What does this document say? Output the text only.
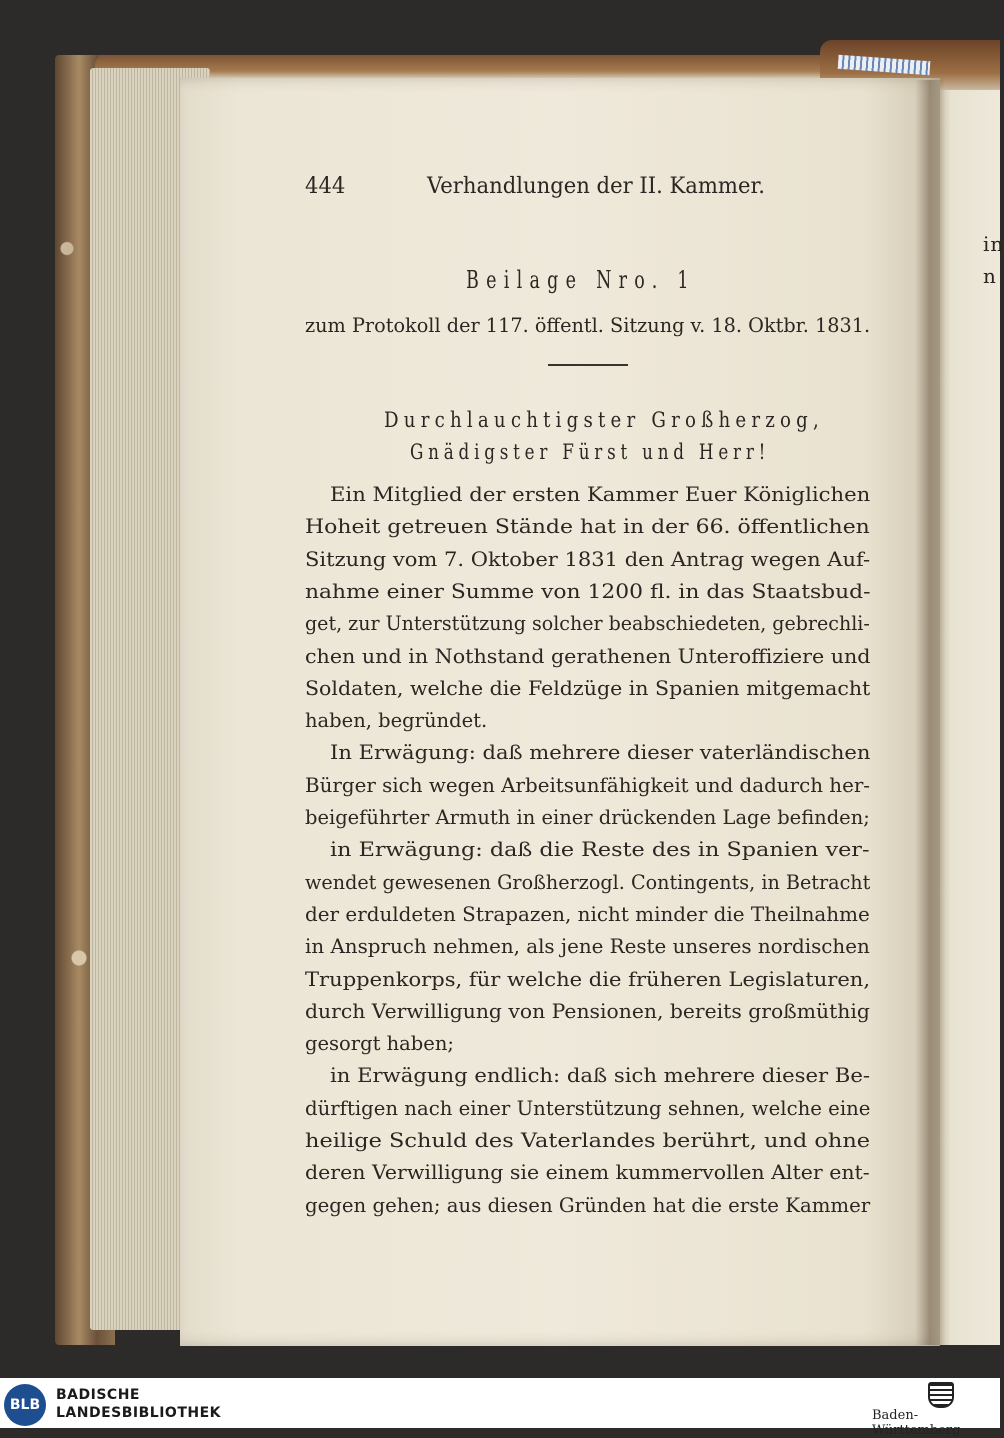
in
n
444	Verhandlungen der II. Kammer.
Beilage Nro. 1
zum Protokoll der 117. öffentl. Sitzung v. 18. Oktbr. 1831.
Durchlauchtigster Großherzog,
Gnädigster Fürst und Herr!
Ein Mitglied der ersten Kammer Euer Königlichen
Hoheit getreuen Stände hat in der 66. öffentlichen
Sitzung vom 7. Oktober 1831 den Antrag wegen Auf-
nahme einer Summe von 1200 fl. in das Staatsbud-
get, zur Unterstützung solcher beabschiedeten, gebrechli-
chen und in Nothstand gerathenen Unteroffiziere und
Soldaten, welche die Feldzüge in Spanien mitgemacht
haben, begründet.
In Erwägung: daß mehrere dieser vaterländischen
Bürger sich wegen Arbeitsunfähigkeit und dadurch her-
beigeführter Armuth in einer drückenden Lage befinden;
in Erwägung: daß die Reste des in Spanien ver-
wendet gewesenen Großherzogl. Contingents, in Betracht
der erduldeten Strapazen, nicht minder die Theilnahme
in Anspruch nehmen, als jene Reste unseres nordischen
Truppenkorps, für welche die früheren Legislaturen,
durch Verwilligung von Pensionen, bereits großmüthig
gesorgt haben;
in Erwägung endlich: daß sich mehrere dieser Be-
dürftigen nach einer Unterstützung sehnen, welche eine
heilige Schuld des Vaterlandes berührt, und ohne
deren Verwilligung sie einem kummervollen Alter ent-
gegen gehen; aus diesen Gründen hat die erste Kammer
BLB
BADISCHE
LANDESBIBLIOTHEK	Baden-Württemberg
